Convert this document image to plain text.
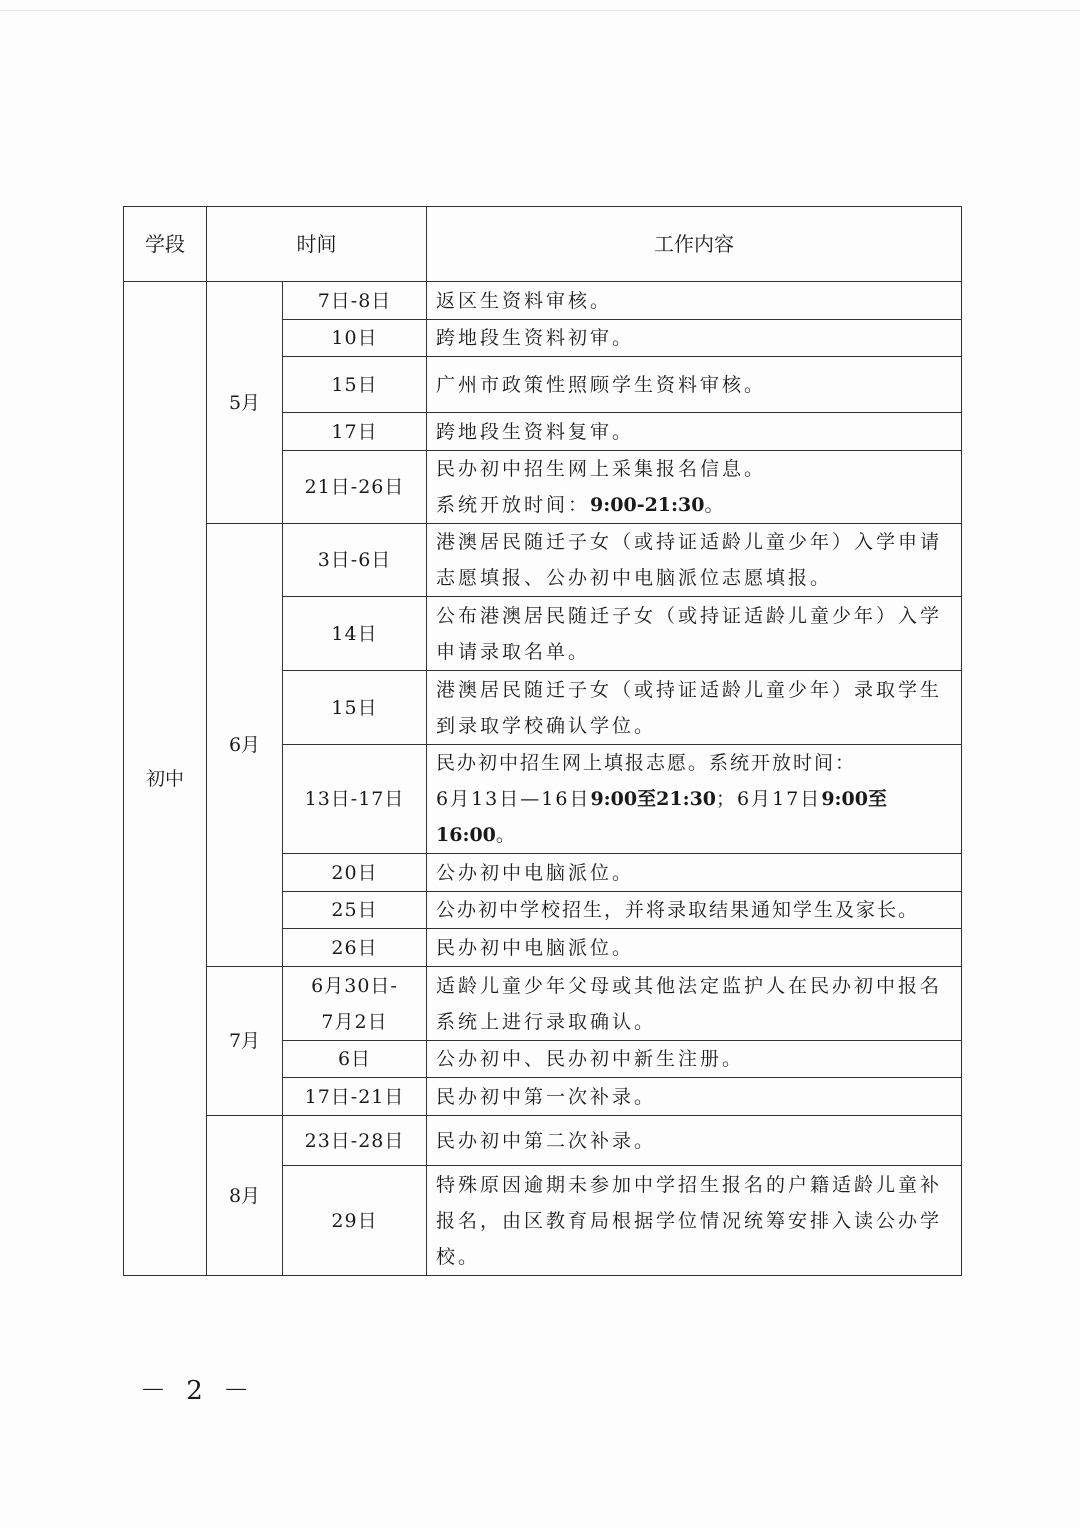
学段	时间		工作内容
初中	5月	7日-8日	返区生资料审核。
		10日	跨地段生资料初审。
		15日	广州市政策性照顾学生资料审核。
		17日	跨地段生资料复审。
		21日-26日	民办初中招生网上采集报名信息。
系统开放时间：9:00-21:30。
	6月	3日-6日	港澳居民随迁子女（或持证适龄儿童少年）入学申请志愿填报、公办初中电脑派位志愿填报。
		14日	公布港澳居民随迁子女（或持证适龄儿童少年）入学申请录取名单。
		15日	港澳居民随迁子女（或持证适龄儿童少年）录取学生到录取学校确认学位。
		13日-17日	民办初中招生网上填报志愿。系统开放时间：
6月13日—16日9:00至21:30；6月17日9:00至16:00。
		20日	公办初中电脑派位。
		25日	公办初中学校招生，并将录取结果通知学生及家长。
		26日	民办初中电脑派位。
	7月	6月30日-
7月2日	适龄儿童少年父母或其他法定监护人在民办初中报名系统上进行录取确认。
		6日	公办初中、民办初中新生注册。
		17日-21日	民办初中第一次补录。
	8月	23日-28日	民办初中第二次补录。
		29日	特殊原因逾期未参加中学招生报名的户籍适龄儿童补报名，由区教育局根据学位情况统筹安排入读公办学校。
－ 2 －
